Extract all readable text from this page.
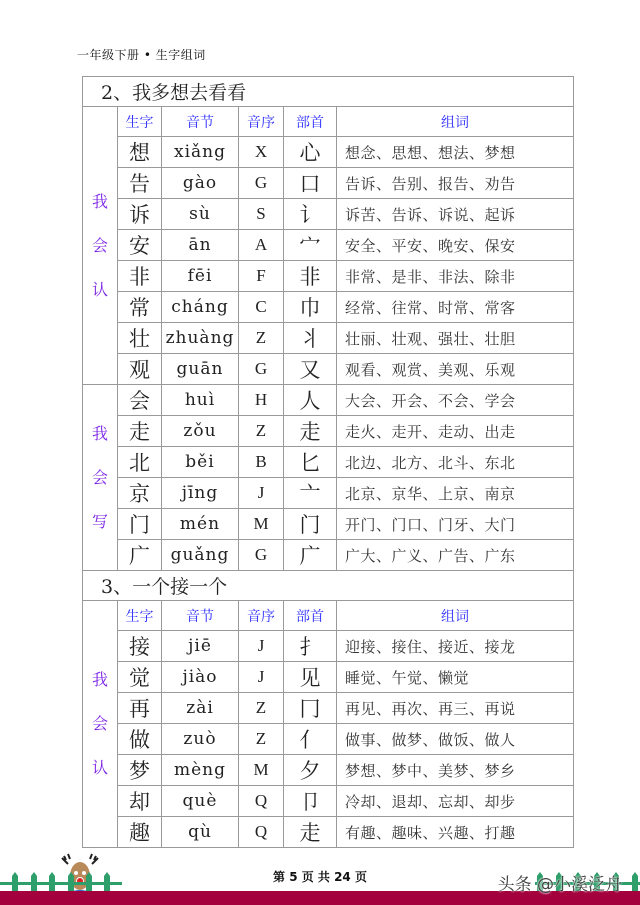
一年级下册 • 生字组词
2、我多想去看看					

我
会
认	生字	音节	音序	部首	组词
	想	xiǎng	X	心	想念、思想、想法、梦想
	告	gào	G	口	告诉、告别、报告、劝告
	诉	sù	S	讠	诉苦、告诉、诉说、起诉
	安	ān	A	宀	安全、平安、晚安、保安
	非	fēi	F	非	非常、是非、非法、除非
	常	cháng	C	巾	经常、往常、时常、常客
	壮	zhuàng	Z	丬	壮丽、壮观、强壮、壮胆
	观	guān	G	又	观看、观赏、美观、乐观

我
会
写	会	huì	H	人	大会、开会、不会、学会
	走	zǒu	Z	走	走火、走开、走动、出走
	北	běi	B	匕	北边、北方、北斗、东北
	京	jīng	J	亠	北京、京华、上京、南京
	门	mén	M	门	开门、门口、门牙、大门
	广	guǎng	G	广	广大、广义、广告、广东
3、一个接一个					

我
会
认	生字	音节	音序	部首	组词
	接	jiē	J	扌	迎接、接住、接近、接龙
	觉	jiào	J	见	睡觉、午觉、懒觉
	再	zài	Z	冂	再见、再次、再三、再说
	做	zuò	Z	亻	做事、做梦、做饭、做人
	梦	mèng	M	夕	梦想、梦中、美梦、梦乡
	却	què	Q	卩	冷却、退却、忘却、却步
	趣	qù	Q	走	有趣、趣味、兴趣、打趣
第 5 页 共 24 页	头条 @小溪泛舟
